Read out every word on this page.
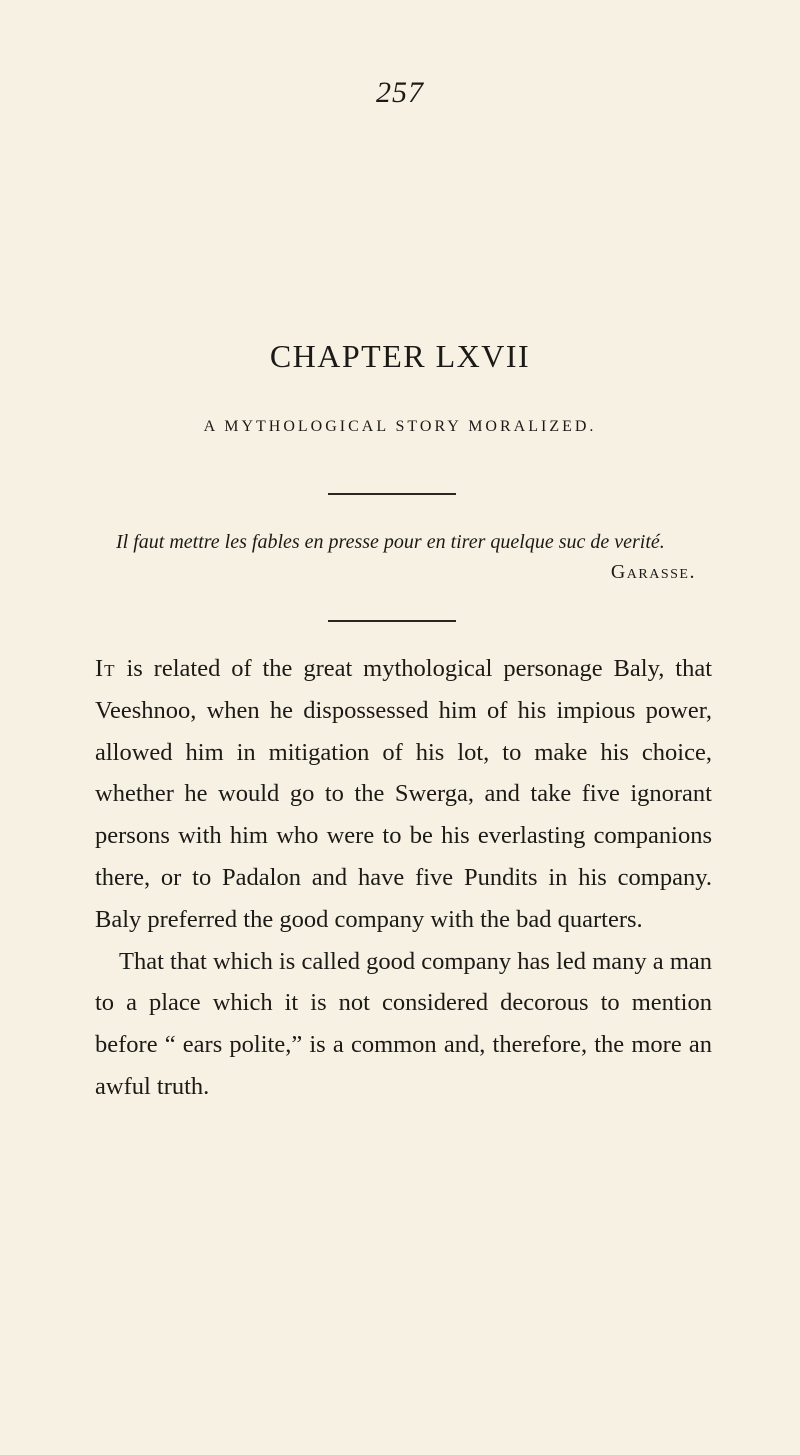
257
CHAPTER LXVII
A MYTHOLOGICAL STORY MORALIZED.
Il faut mettre les fables en presse pour en tirer quelque suc de verité.
Garasse.

It is related of the great mythological personage Baly, that Veeshnoo, when he dispossessed him of his impious power, allowed him in mitigation of his lot, to make his choice, whether he would go to the Swerga, and take five ignorant persons with him who were to be his everlasting companions there, or to Padalon and have five Pundits in his company. Baly preferred the good company with the bad quarters.

That that which is called good company has led many a man to a place which it is not considered decorous to mention before “ ears polite,” is a common and, therefore, the more an awful truth.
